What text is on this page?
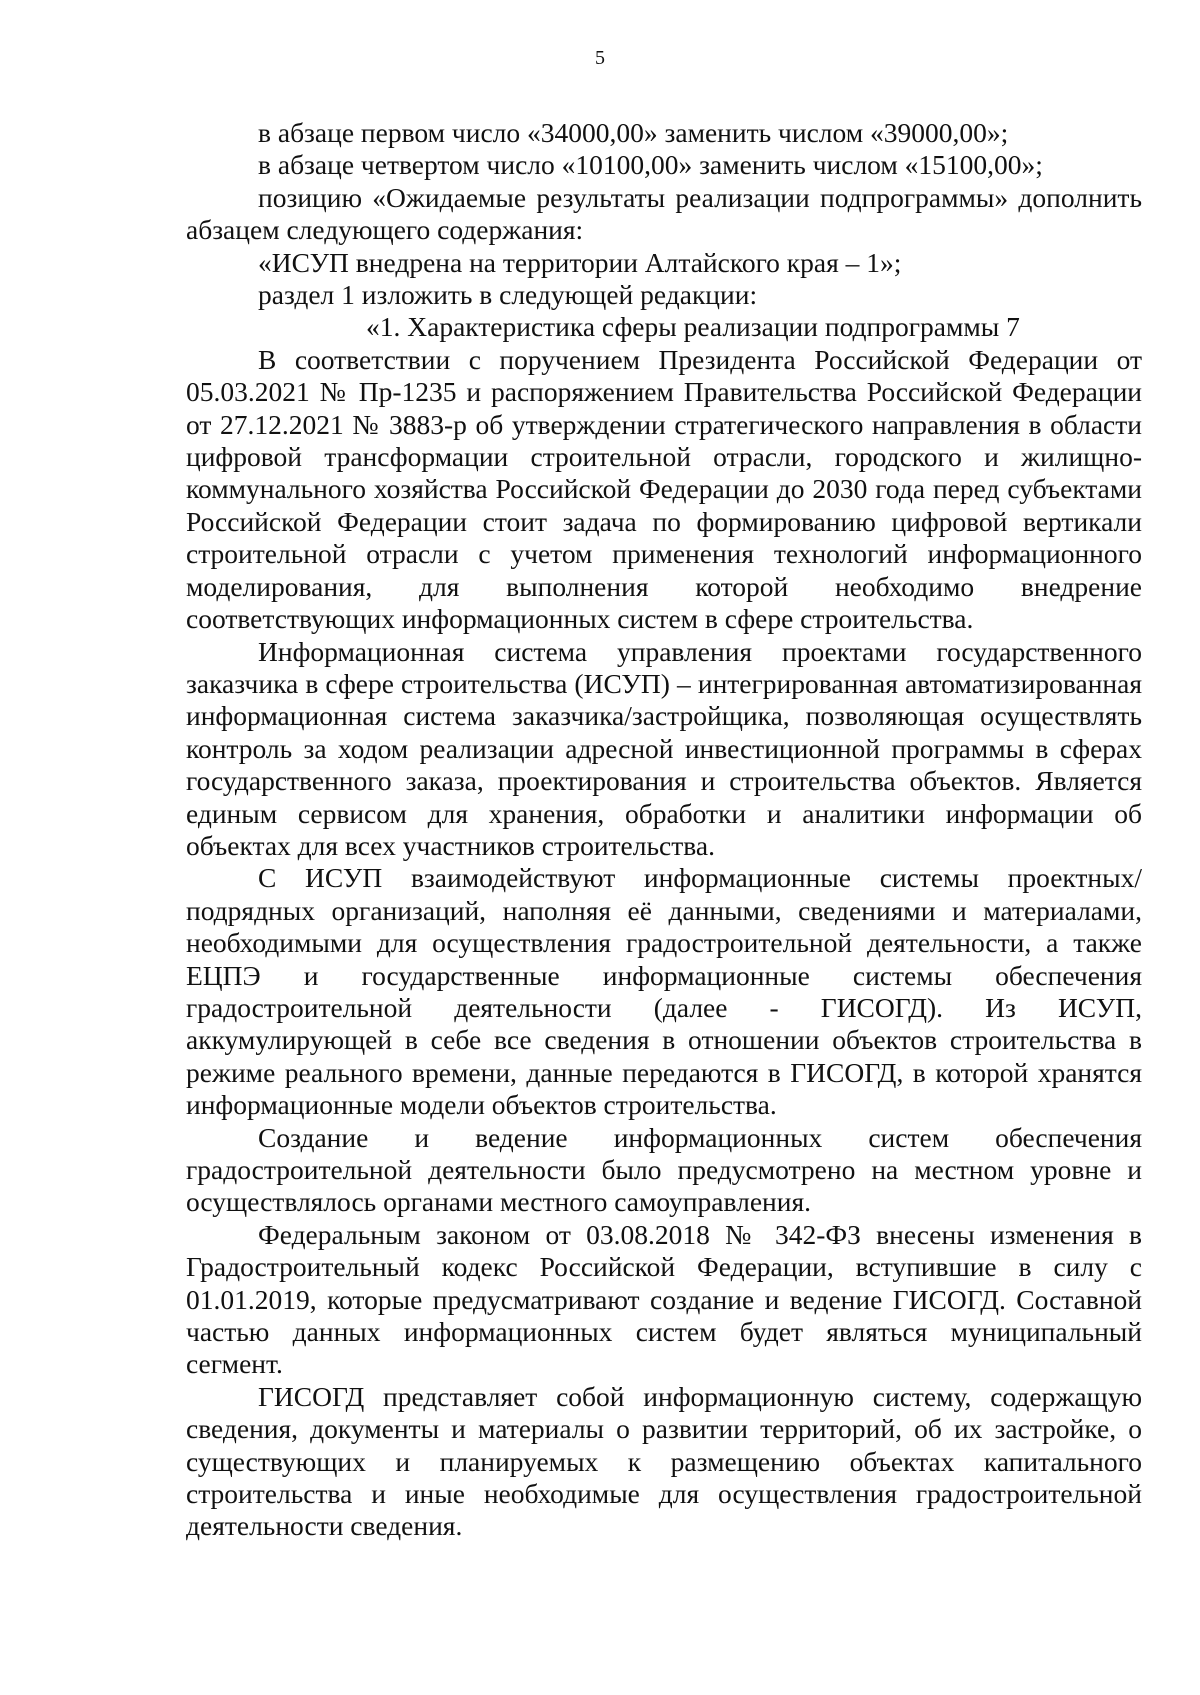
5

в абзаце первом число «34000,00» заменить числом «39000,00»;

в абзаце четвертом число «10100,00» заменить числом «15100,00»;

позицию «Ожидаемые результаты реализации подпрограммы» дополнить абзацем следующего содержания:

«ИСУП внедрена на территории Алтайского края – 1»;

раздел 1 изложить в следующей редакции:

«1. Характеристика сферы реализации подпрограммы 7

В соответствии с поручением Президента Российской Федерации от 05.03.2021 № Пр-1235 и распоряжением Правительства Российской Федерации от 27.12.2021 № 3883-р об утверждении стратегического направления в области цифровой трансформации строительной отрасли, городского и жилищно-коммунального хозяйства Российской Федерации до 2030 года перед субъектами Российской Федерации стоит задача по формированию цифровой вертикали строительной отрасли с учетом применения технологий информационного моделирования, для выполнения которой необходимо внедрение соответствующих информационных систем в сфере строительства.

Информационная система управления проектами государственного заказчика в сфере строительства (ИСУП) – интегрированная автоматизированная информационная система заказчика/застройщика, позволяющая осуществлять контроль за ходом реализации адресной инвестиционной программы в сферах государственного заказа, проектирования и строительства объектов. Является единым сервисом для хранения, обработки и аналитики информации об объектах для всех участников строительства.

С ИСУП взаимодействуют информационные системы проектных/подрядных организаций, наполняя её данными, сведениями и материалами, необходимыми для осуществления градостроительной деятельности, а также ЕЦПЭ и государственные информационные системы обеспечения градостроительной деятельности (далее - ГИСОГД). Из ИСУП, аккумулирующей в себе все сведения в отношении объектов строительства в режиме реального времени, данные передаются в ГИСОГД, в которой хранятся информационные модели объектов строительства.

Создание и ведение информационных систем обеспечения градостроительной деятельности было предусмотрено на местном уровне и осуществлялось органами местного самоуправления.

Федеральным законом от 03.08.2018 № 342-ФЗ внесены изменения в Градостроительный кодекс Российской Федерации, вступившие в силу с 01.01.2019, которые предусматривают создание и ведение ГИСОГД. Составной частью данных информационных систем будет являться муниципальный сегмент.

ГИСОГД представляет собой информационную систему, содержащую сведения, документы и материалы о развитии территорий, об их застройке, о существующих и планируемых к размещению объектах капитального строительства и иные необходимые для осуществления градостроительной деятельности сведения.
